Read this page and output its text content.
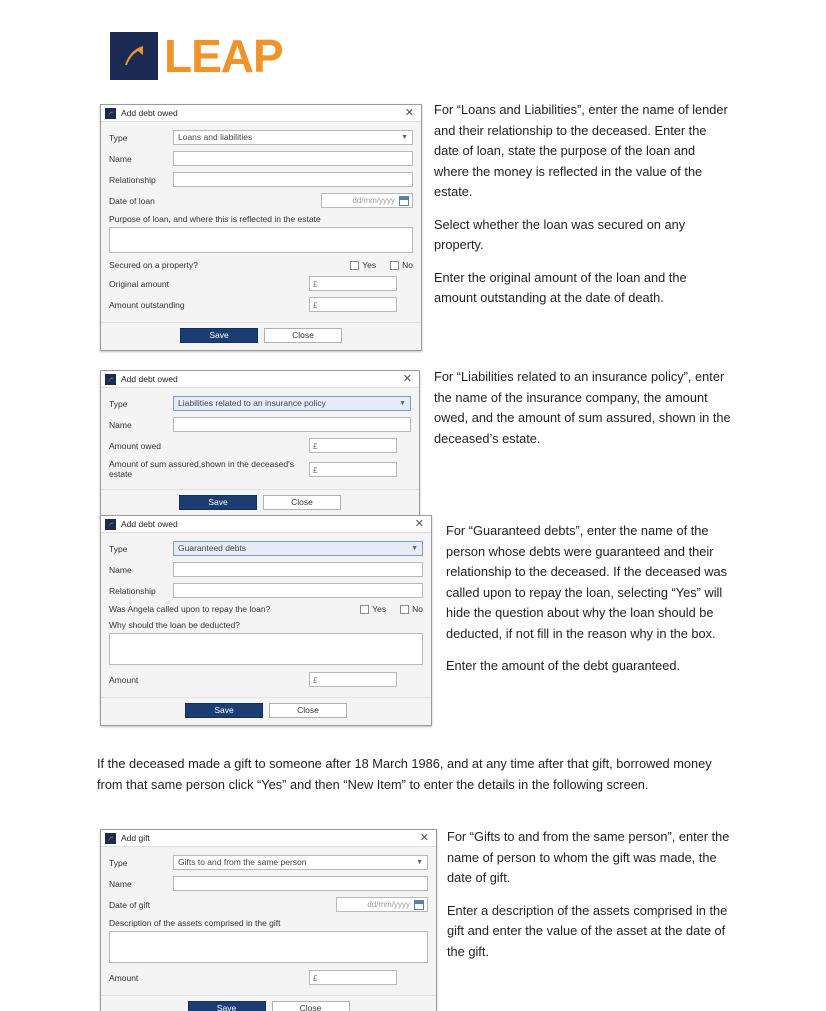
LEAP
Add debt owed	✕
Type	Loans and liabilities	▼
Name
Relationship
Date of loan	dd/mm/yyyy
Purpose of loan, and where this is reflected in the estate
Secured on a property?	Yes	No
Original amount	£
Amount outstanding	£
Save	Close

For “Loans and Liabilities”, enter the name of lender and their relationship to the deceased. Enter the date of loan, state the purpose of the loan and where the money is reflected in the value of the estate.

Select whether the loan was secured on any property.

Enter the original amount of the loan and the amount outstanding at the date of death.

Add debt owed	✕
Type	Liabilities related to an insurance policy	▼
Name
Amount owed	£
Amount of sum assured,shown in the deceased's estate	£
Save	Close

For “Liabilities related to an insurance policy”, enter the name of the insurance company, the amount owed, and the amount of sum assured, shown in the deceased’s estate.

Add debt owed	✕
Type	Guaranteed debts	▼
Name
Relationship
Was Angela called upon to repay the loan?	Yes	No
Why should the loan be deducted?
Amount	£
Save	Close

For “Guaranteed debts”, enter the name of the person whose debts were guaranteed and their relationship to the deceased. If the deceased was called upon to repay the loan, selecting “Yes” will hide the question about why the loan should be deducted, if not fill in the reason why in the box.

Enter the amount of the debt guaranteed.

If the deceased made a gift to someone after 18 March 1986, and at any time after that gift, borrowed money from that same person click “Yes” and then “New Item” to enter the details in the following screen.
Add gift	✕
Type	Gifts to and from the same person	▼
Name
Date of gift	dd/mm/yyyy
Description of the assets comprised in the gift
Amount	£
Save	Close

For “Gifts to and from the same person”, enter the name of person to whom the gift was made, the date of gift.

Enter a description of the assets comprised in the gift and enter the value of the asset at the date of the gift.
